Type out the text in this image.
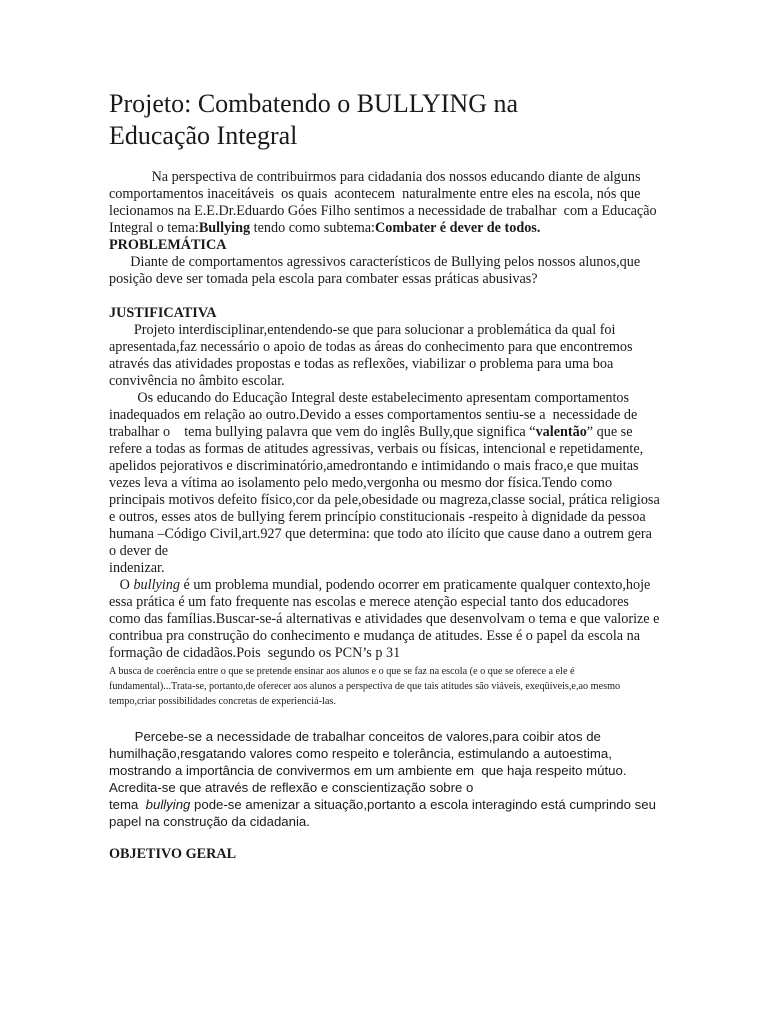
Projeto: Combatendo o BULLYING na
Educação Integral

Na perspectiva de contribuirmos para cidadania dos nossos educando diante de alguns comportamentos inaceitáveis  os quais  acontecem  naturalmente entre eles na escola, nós que lecionamos na E.E.Dr.Eduardo Góes Filho sentimos a necessidade de trabalhar  com a Educação Integral o tema:Bullying tendo como subtema:Combater é dever de todos.

PROBLEMÁTICA

Diante de comportamentos agressivos característicos de Bullying pelos nossos alunos,que posição deve ser tomada pela escola para combater essas práticas abusivas?

JUSTIFICATIVA

Projeto interdisciplinar,entendendo-se que para solucionar a problemática da qual foi  apresentada,faz necessário o apoio de todas as áreas do conhecimento para que encontremos através das atividades propostas e todas as reflexões, viabilizar o problema para uma boa convivência no âmbito escolar.

Os educando do Educação Integral deste estabelecimento apresentam comportamentos inadequados em relação ao outro.Devido a esses comportamentos sentiu-se a  necessidade de trabalhar o    tema bullying palavra que vem do inglês Bully,que significa “valentão” que se refere a todas as formas de atitudes agressivas, verbais ou físicas, intencional e repetidamente, apelidos pejorativos e discriminatório,amedrontando e intimidando o mais fraco,e que muitas vezes leva a vítima ao isolamento pelo medo,vergonha ou mesmo dor física.Tendo como principais motivos defeito físico,cor da pele,obesidade ou magreza,classe social, prática religiosa e outros, esses atos de bullying ferem princípio constitucionais -respeito à dignidade da pessoa humana –Código Civil,art.927 que determina: que todo ato ilícito que cause dano a outrem gera o dever de
indenizar.

O bullying é um problema mundial, podendo ocorrer em praticamente qualquer contexto,hoje essa prática é um fato frequente nas escolas e merece atenção especial tanto dos educadores como das famílias.Buscar-se-á alternativas e atividades que desenvolvam o tema e que valorize e contribua pra construção do conhecimento e mudança de atitudes. Esse é o papel da escola na formação de cidadãos.Pois  segundo os PCN’s p 31

A busca de coerência entre o que se pretende ensinar aos alunos e o que se faz na escola (e o que se oferece a ele é fundamental)...Trata-se, portanto,de oferecer aos alunos a perspectiva de que tais atitudes são viáveis, exeqüíveis,e,ao mesmo tempo,criar possibilidades concretas de experienciá-las.

Percebe-se a necessidade de trabalhar conceitos de valores,para coibir atos de humilhação,resgatando valores como respeito e tolerância, estimulando a autoestima,
mostrando a importância de convivermos em um ambiente em  que haja respeito mútuo. Acredita-se que através de reflexão e conscientização sobre o
tema  bullying pode-se amenizar a situação,portanto a escola interagindo está cumprindo seu papel na construção da cidadania.

OBJETIVO GERAL
